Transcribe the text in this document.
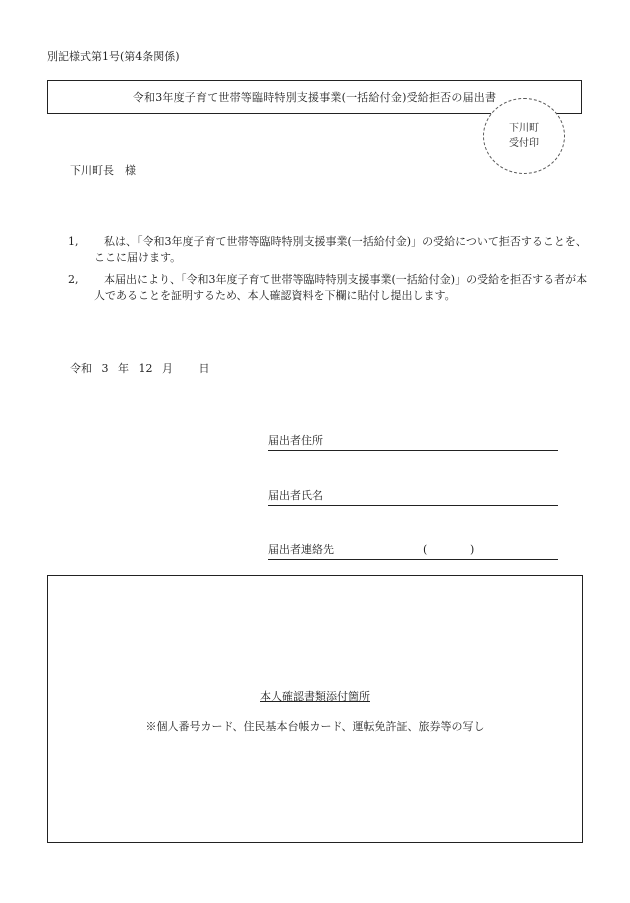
別記様式第1号(第4条関係)
令和3年度子育て世帯等臨時特別支援事業(一括給付金)受給拒否の届出書
下川町
受付印
下川町長　様
1,	私は、「令和3年度子育て世帯等臨時特別支援事業(一括給付金)」の受給について拒否することを、ここに届けます。
2,	本届出により、「令和3年度子育て世帯等臨時特別支援事業(一括給付金)」の受給を拒否する者が本人であることを証明するため、本人確認資料を下欄に貼付し提出します。
令和 3 年 12 月 日
届出者住所
届出者氏名
届出者連絡先	(	)
本人確認書類添付箇所
※個人番号カード、住民基本台帳カード、運転免許証、旅券等の写し
